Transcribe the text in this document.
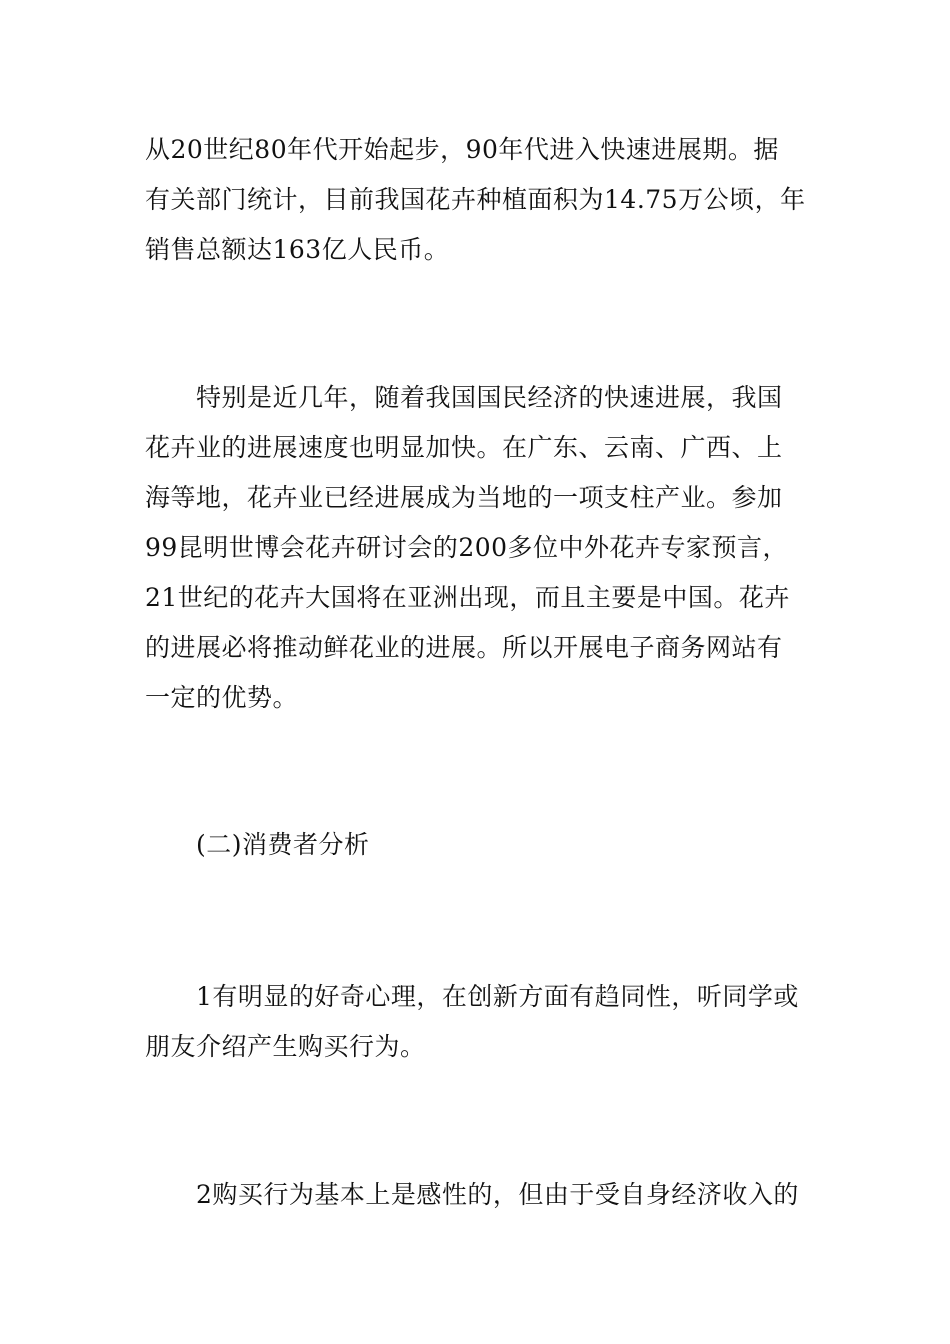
从20世纪80年代开始起步，90年代进入快速进展期。据
有关部门统计，目前我国花卉种植面积为14.75万公顷，年
销售总额达163亿人民币。
特别是近几年，随着我国国民经济的快速进展，我国
花卉业的进展速度也明显加快。在广东、云南、广西、上
海等地，花卉业已经进展成为当地的一项支柱产业。参加
99昆明世博会花卉研讨会的200多位中外花卉专家预言，
21世纪的花卉大国将在亚洲出现，而且主要是中国。花卉
的进展必将推动鲜花业的进展。所以开展电子商务网站有
一定的优势。
(二)消费者分析
1有明显的好奇心理，在创新方面有趋同性，听同学或
朋友介绍产生购买行为。
2购买行为基本上是感性的，但由于受自身经济收入的
